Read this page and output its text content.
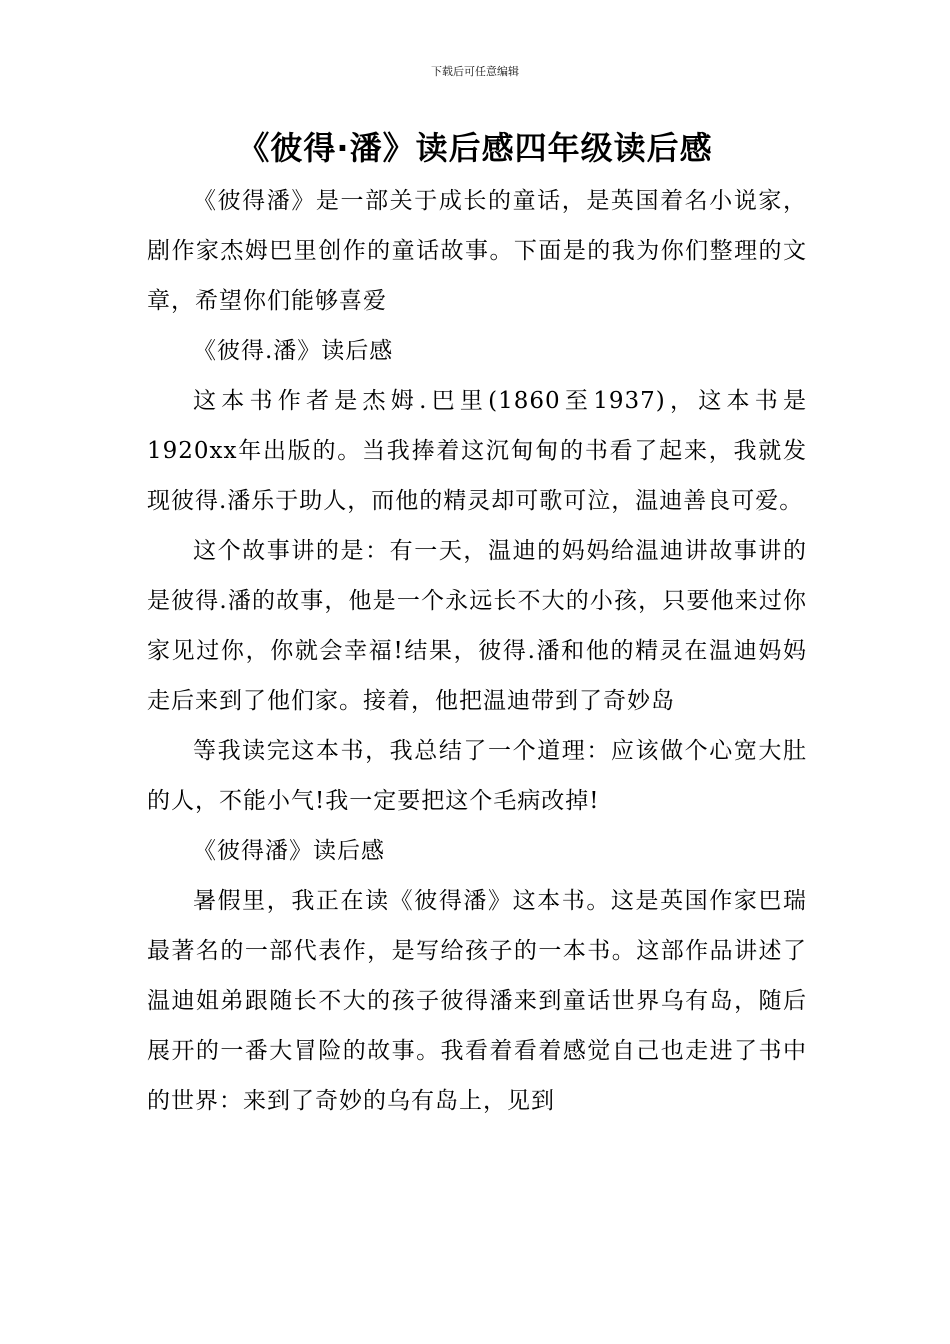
下载后可任意编辑
《彼得·潘》读后感四年级读后感

《彼得潘》是一部关于成长的童话，是英国着名小说家，剧作家杰姆巴里创作的童话故事。下面是的我为你们整理的文章，希望你们能够喜爱

《彼得.潘》读后感

这本书作者是杰姆.巴里(1860至1937)，这本书是1920xx年出版的。当我捧着这沉甸甸的书看了起来，我就发现彼得.潘乐于助人，而他的精灵却可歌可泣，温迪善良可爱。

这个故事讲的是：有一天，温迪的妈妈给温迪讲故事讲的是彼得.潘的故事，他是一个永远长不大的小孩，只要他来过你家见过你，你就会幸福!结果，彼得.潘和他的精灵在温迪妈妈走后来到了他们家。接着，他把温迪带到了奇妙岛

等我读完这本书，我总结了一个道理：应该做个心宽大肚的人，不能小气!我一定要把这个毛病改掉!

《彼得潘》读后感

暑假里，我正在读《彼得潘》这本书。这是英国作家巴瑞最著名的一部代表作，是写给孩子的一本书。这部作品讲述了温迪姐弟跟随长不大的孩子彼得潘来到童话世界乌有岛，随后展开的一番大冒险的故事。我看着看着感觉自己也走进了书中的世界：来到了奇妙的乌有岛上，见到
